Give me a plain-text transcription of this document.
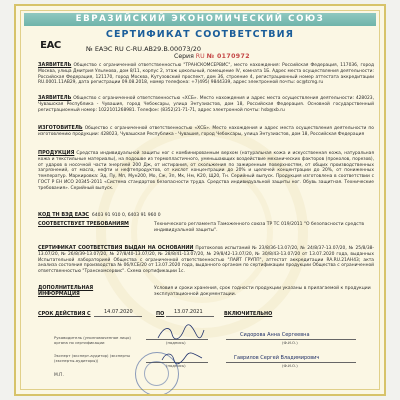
ЕВРАЗИЙСКИЙ ЭКОНОМИЧЕСКИЙ СОЮЗ
СЕРТИФИКАТ СООТВЕТСТВИЯ
EAC	№ ЕАЭС RU C-RU.АВ29.В.00073/20
Серия RU № 0170972
ЗАЯВИТЕЛЬ Общество с ограниченной ответственностью "ТРАНСКОМСЕРВИС", место нахождения: Российская Федерация, 117036, город Москва, улица Дмитрия Ульянова, дом 8/11, корпус 2, этаж цокольный, помещение IV, комната 1Б. Адрес места осуществления деятельности: Российская Федерация, 121170, город Москва, Кутузовский проспект, дом 36, строение 4, регистрационный номер аттестата аккредитации RU.0001.11АВ29, дата регистрации 09.08.2018, номер телефона: +7(495) 9844339, адрес электронной почты: oc@tcmg.ru
ЗАЯВИТЕЛЬ Общество с ограниченной ответственностью «ХСБ». Место нахождения и адрес места осуществления деятельности: 428023, Чувашская Республика - Чувашия, город Чебоксары, улица Энтузиастов, дом 18, Российская Федерация. Основной государственный регистрационный номер: 1022101268981. Телефон: (8352)21-71-71, адрес электронной почты: hsb@xb.ru
ИЗГОТОВИТЕЛЬ Общество с ограниченной ответственностью «ХСБ». Место нахождения и адрес места осуществления деятельности по изготовлению продукции: 428023, Чувашская Республика - Чувашия, город Чебоксары, улица Энтузиастов, дом 18, Российская Федерация
ПРОДУКЦИЯ Средства индивидуальной защиты ног с комбинированным верхом (натуральная кожа и искусственная кожа, натуральная кожа и текстильные материалы), на подошве из термопластичного, уменьшающих воздействие механических факторов (проколов, порезов), от ударов в носочной части энергией 200 Дж, от истирания, от скольжения по зажиренным поверхностям, от общих производственных загрязнений, от масла, нефти и нефтепродуктов, от кислот концентрации до 20% и щелочей концентрации до 20%, от пониженных температур. Маркировка: Эд, Пу, Мп, Мун200, Мо, Сж, Зп, Мк, Нм, К20, Щ20, Тн. Серийный выпуск. Продукция изготовлена в соответствии с ГОСТ Р ЕН ИСО 20345-2011 «Система стандартов безопасности труда. Средства индивидуальной защиты ног. Обувь защитная. Технические требования». Серийный выпуск.
КОД ТН ВЭД ЕАЭС 6403 91 910 0, 6403 91 960 0
СООТВЕТСТВУЕТ ТРЕБОВАНИЯМ	Технического регламента Таможенного союза ТР ТС 019/2011 "О безопасности средств индивидуальной защиты".
СЕРТИФИКАТ СООТВЕТСТВИЯ ВЫДАН НА ОСНОВАНИИ Протоколов испытаний № 2З/8/36-13.07/20, № 24/8/37-13.07/20, № 25/8/38-13.07/20, № 26/8/39-13.07/20, № 27/8/40-13.07/20, № 28/8/41-13.07/20, № 29/8/42-13.07/20, № 30/8/43-13.07/20 от 13.07.2020 года, выданных Испытательной лабораторией Общества с ограниченной ответственностью "ЛАЙТ ГРУПП", аттестат аккредитации RA.RU.21АН43; акта анализа состояния производства № 06/ХСБ/20 от 13.07.2020 года, выданного органом по сертификации продукции Общества с ограниченной ответственностью "Транскомсервис". Схема сертификации 1с.
ДОПОЛНИТЕЛЬНАЯ ИНФОРМАЦИЯ
Условия и сроки хранения, срок годности продукции указаны в прилагаемой к продукции эксплуатационной документации.
СРОК ДЕЙСТВИЯ С	14.07.2020	ПО 13.07.2021	ВКЛЮЧИТЕЛЬНО
Руководитель (уполномоченное лицо) органа по сертификации	(подпись)
Сидорова Анна Сергеевна
(Ф.И.О.)
Эксперт (эксперт-аудитор) (эксперты (эксперты-аудиторы))
(подпись)
Гаврилов Сергей Владимирович
(Ф.И.О.)
М.П.
